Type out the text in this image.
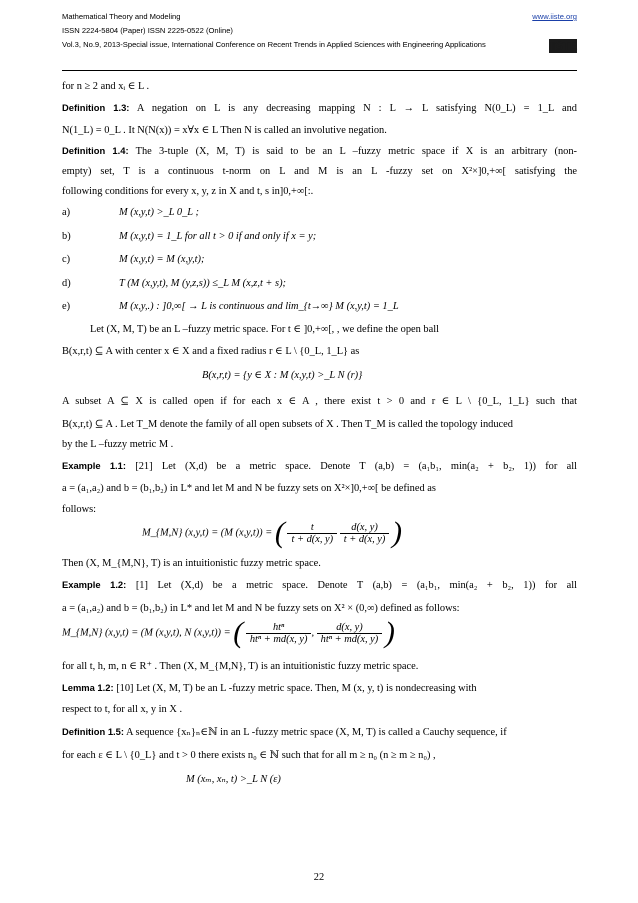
Mathematical Theory and Modeling	www.iiste.org
ISSN 2224-5804 (Paper) ISSN 2225-0522 (Online)
Vol.3, No.9, 2013-Special issue, International Conference on Recent Trends in Applied Sciences with Engineering Applications	IISTE
for n ≥ 2 and xᵢ ∈ L .
Definition 1.3: A negation on L is any decreasing mapping N : L → L satisfying N(0_L) = 1_L and
N(1_L) = 0_L . It N(N(x)) = x∀x ∈ L Then N is called an involutive negation.
Definition 1.4: The 3-tuple (X, M, T) is said to be an L –fuzzy metric space if X is an arbitrary (non-
empty) set, T is a continuous t-norm on L and M is an L -fuzzy set on X²×]0,+∞[ satisfying the
following conditions for every x, y, z in X and t, s in]0,+∞[:.
a)	M (x,y,t) >_L 0_L ;
b)	M (x,y,t) = 1_L for all t > 0 if and only if x = y;
c)	M (x,y,t) = M (x,y,t);
d)	T (M (x,y,t), M (y,z,s)) ≤_L M (x,z,t + s);
e)	M (x,y,.) : ]0,∞[ → L is continuous and lim_{t→∞} M (x,y,t) = 1_L
Let (X, M, T) be an L –fuzzy metric space. For t ∈ ]0,+∞[, , we define the open ball
B(x,r,t) ⊆ A with center x ∈ X and a fixed radius r ∈ L \ {0_L, 1_L} as
B(x,r,t) = {y ∈ X : M (x,y,t) >_L N (r)}
A subset A ⊆ X is called open if for each x ∈ A , there exist t > 0 and r ∈ L \ {0_L, 1_L} such that
B(x,r,t) ⊆ A . Let T_M denote the family of all open subsets of X . Then T_M is called the topology induced
by the L –fuzzy metric M .
Example 1.1: [21] Let (X,d) be a metric space. Denote T (a,b) = (a₁b₁, min(a₂ + b₂, 1)) for all
a = (a₁,a₂) and b = (b₁,b₂) in L* and let M and N be fuzzy sets on X²×]0,+∞[ be defined as
follows:
M_{M,N} (x,y,t) = (M (x,y,t)) = ( $\frac{t}{t + d(x, y)}$
$\frac{d(x, y)}{t + d(x, y)}$ )
Then (X, M_{M,N}, T) is an intuitionistic fuzzy metric space.
Example 1.2: [1] Let (X,d) be a metric space. Denote T (a,b) = (a₁b₁, min(a₂ + b₂, 1)) for all
a = (a₁,a₂) and b = (b₁,b₂) in L* and let M and N be fuzzy sets on X² × (0,∞) defined as follows:
M_{M,N} (x,y,t) = (M (x,y,t), N (x,y,t)) = ( $\frac{\text{htⁿ}}{\text{htⁿ + md(x, y)}}$ , $\frac{d(x, y)}{\text{htⁿ + md(x, y)}}$ )
for all t, h, m, n ∈ R⁺ . Then (X, M_{M,N}, T) is an intuitionistic fuzzy metric space.
Lemma 1.2: [10] Let (X, M, T) be an L -fuzzy metric space. Then, M (x, y, t) is nondecreasing with
respect to t, for all x, y in X .
Definition 1.5: A sequence {xₙ}ₙ∈ℕ in an L -fuzzy metric space (X, M, T) is called a Cauchy sequence, if
for each ε ∈ L \ {0_L} and t > 0 there exists n₀ ∈ ℕ such that for all m ≥ n₀ (n ≥ m ≥ n₀) ,
M (xₘ, xₙ, t) >_L N (ε)
22
